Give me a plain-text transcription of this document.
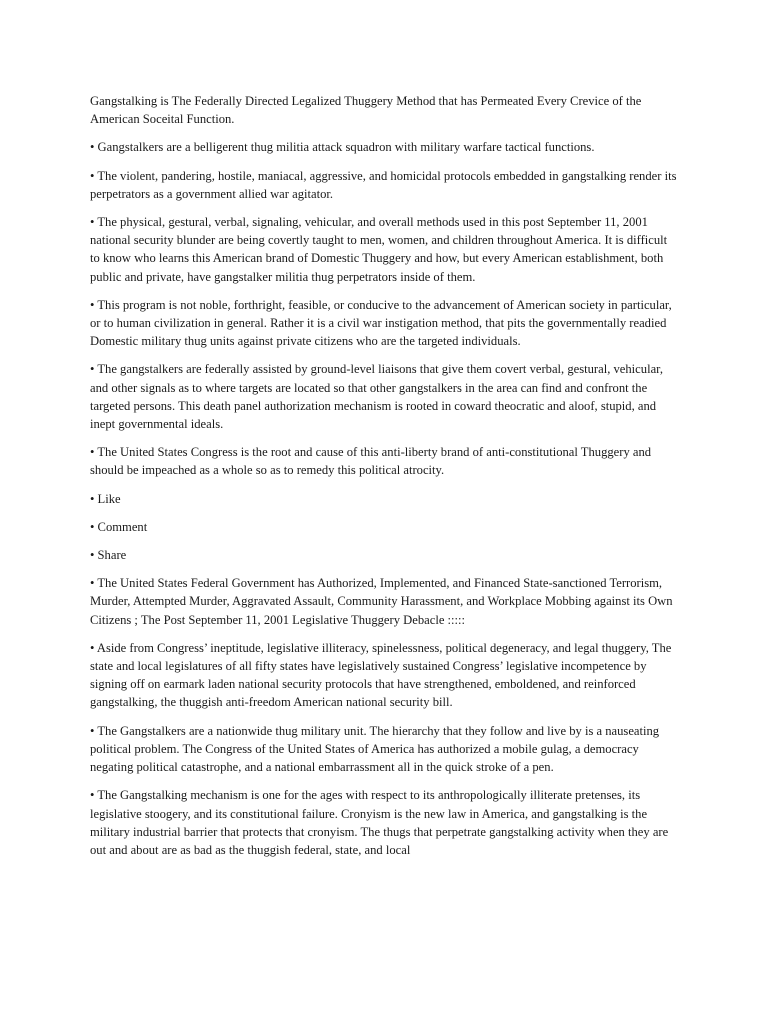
Gangstalking is The Federally Directed Legalized Thuggery Method that has Permeated Every Crevice of the American Soceital Function.

• Gangstalkers are a belligerent thug militia attack squadron with military warfare tactical functions.

• The violent, pandering, hostile, maniacal, aggressive, and homicidal protocols embedded in gangstalking render its perpetrators as a government allied war agitator.

• The physical, gestural, verbal, signaling, vehicular, and overall methods used in this post September 11, 2001 national security blunder are being covertly taught to men, women, and children throughout America. It is difficult to know who learns this American brand of Domestic Thuggery and how, but every American establishment, both public and private, have gangstalker militia thug perpetrators inside of them.

• This program is not noble, forthright, feasible, or conducive to the advancement of American society in particular, or to human civilization in general. Rather it is a civil war instigation method, that pits the governmentally readied Domestic military thug units against private citizens who are the targeted individuals.

• The gangstalkers are federally assisted by ground-level liaisons that give them covert verbal, gestural, vehicular, and other signals as to where targets are located so that other gangstalkers in the area can find and confront the targeted persons. This death panel authorization mechanism is rooted in coward theocratic and aloof, stupid, and inept governmental ideals.

• The United States Congress is the root and cause of this anti-liberty brand of anti-constitutional Thuggery and should be impeached as a whole so as to remedy this political atrocity.

• Like

• Comment

• Share

• The United States Federal Government has Authorized, Implemented, and Financed State-sanctioned Terrorism, Murder, Attempted Murder, Aggravated Assault, Community Harassment, and Workplace Mobbing against its Own Citizens ; The Post September 11, 2001 Legislative Thuggery Debacle :::::

• Aside from Congress’ ineptitude, legislative illiteracy, spinelessness, political degeneracy, and legal thuggery, The state and local legislatures of all fifty states have legislatively sustained Congress’ legislative incompetence by signing off on earmark laden national security protocols that have strengthened, emboldened, and reinforced gangstalking, the thuggish anti-freedom American national security bill.

• The Gangstalkers are a nationwide thug military unit. The hierarchy that they follow and live by is a nauseating political problem. The Congress of the United States of America has authorized a mobile gulag, a democracy negating political catastrophe, and a national embarrassment all in the quick stroke of a pen.

• The Gangstalking mechanism is one for the ages with respect to its anthropologically illiterate pretenses, its legislative stoogery, and its constitutional failure. Cronyism is the new law in America, and gangstalking is the military industrial barrier that protects that cronyism. The thugs that perpetrate gangstalking activity when they are out and about are as bad as the thuggish federal, state, and local
